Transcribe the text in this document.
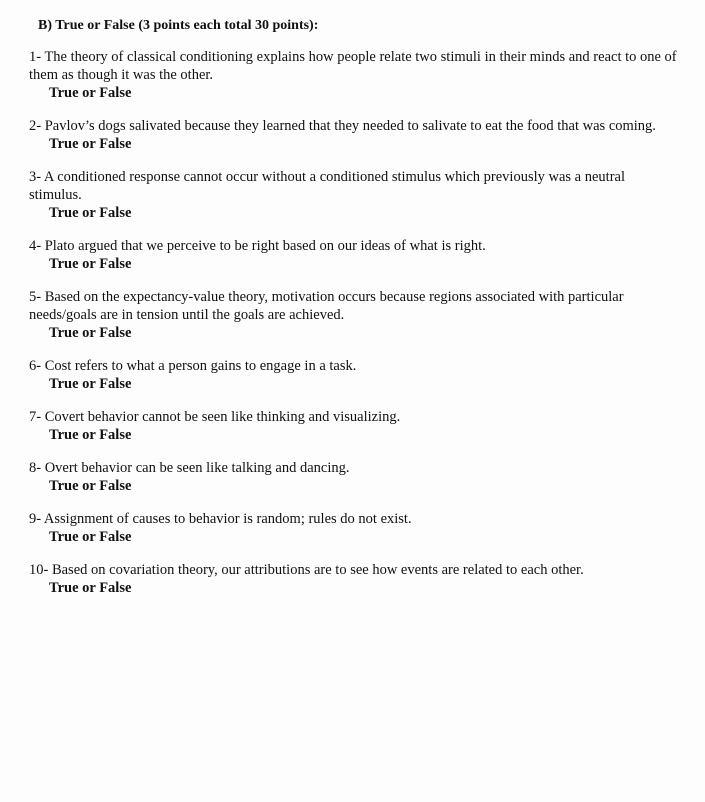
B) True or False (3 points each total 30 points):

1- The theory of classical conditioning explains how people relate two stimuli in their minds and react to one of them as though it was the other.

True or False

2- Pavlov’s dogs salivated because they learned that they needed to salivate to eat the food that was coming.

True or False

3- A conditioned response cannot occur without a conditioned stimulus which previously was a neutral stimulus.

True or False

4- Plato argued that we perceive to be right based on our ideas of what is right.

True or False

5- Based on the expectancy-value theory, motivation occurs because regions associated with particular needs/goals are in tension until the goals are achieved.

True or False

6- Cost refers to what a person gains to engage in a task.

True or False

7- Covert behavior cannot be seen like thinking and visualizing.

True or False

8- Overt behavior can be seen like talking and dancing.

True or False

9- Assignment of causes to behavior is random; rules do not exist.

True or False

10- Based on covariation theory, our attributions are to see how events are related to each other.

True or False
